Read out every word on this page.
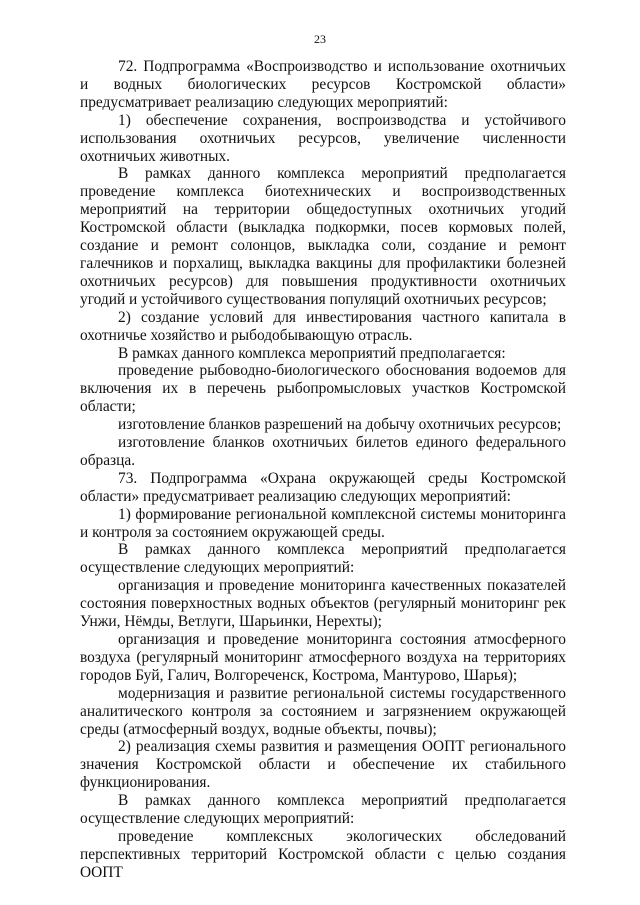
23

72. Подпрограмма «Воспроизводство и использование охотничьих и водных биологических ресурсов Костромской области» предусматривает реализацию следующих мероприятий:

1) обеспечение сохранения, воспроизводства и устойчивого использования охотничьих ресурсов, увеличение численности охотничьих животных.

В рамках данного комплекса мероприятий предполагается проведение комплекса биотехнических и воспроизводственных мероприятий на территории общедоступных охотничьих угодий Костромской области (выкладка подкормки, посев кормовых полей, создание и ремонт солонцов, выкладка соли, создание и ремонт галечников и порхалищ, выкладка вакцины для профилактики болезней охотничьих ресурсов) для повышения продуктивности охотничьих угодий и устойчивого существования популяций охотничьих ресурсов;

2) создание условий для инвестирования частного капитала в охотничье хозяйство и рыбодобывающую отрасль.

В рамках данного комплекса мероприятий предполагается:

проведение рыбоводно-биологического обоснования водоемов для включения их в перечень рыбопромысловых участков Костромской области;

изготовление бланков разрешений на добычу охотничьих ресурсов;

изготовление бланков охотничьих билетов единого федерального образца.

73. Подпрограмма «Охрана окружающей среды Костромской области» предусматривает реализацию следующих мероприятий:

1) формирование региональной комплексной системы мониторинга и контроля за состоянием окружающей среды.

В рамках данного комплекса мероприятий предполагается осуществление следующих мероприятий:

организация и проведение мониторинга качественных показателей состояния поверхностных водных объектов (регулярный мониторинг рек Унжи, Нёмды, Ветлуги, Шарьинки, Нерехты);

организация и проведение мониторинга состояния атмосферного воздуха (регулярный мониторинг атмосферного воздуха на территориях городов Буй, Галич, Волгореченск, Кострома, Мантурово, Шарья);

модернизация и развитие региональной системы государственного аналитического контроля за состоянием и загрязнением окружающей среды (атмосферный воздух, водные объекты, почвы);

2) реализация схемы развития и размещения ООПТ регионального значения Костромской области и обеспечение их стабильного функционирования.

В рамках данного комплекса мероприятий предполагается осуществление следующих мероприятий:

проведение комплексных экологических обследований перспективных территорий Костромской области с целью создания ООПТ
